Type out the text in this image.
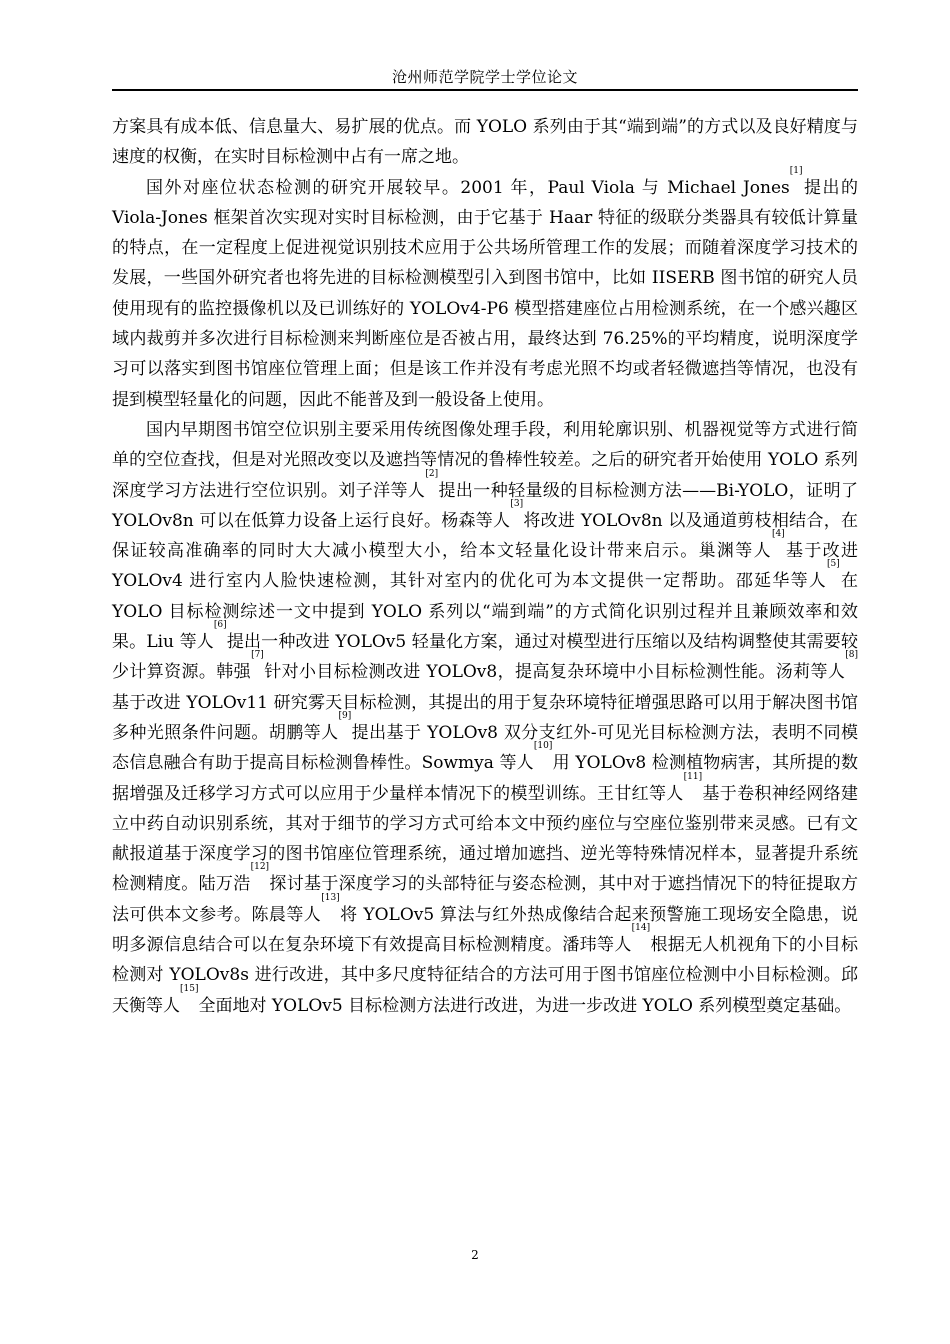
沧州师范学院学士学位论文

方案具有成本低、信息量大、易扩展的优点。而 YOLO 系列由于其“端到端”的方式以及良好精度与速度的权衡，在实时目标检测中占有一席之地。

国外对座位状态检测的研究开展较早。2001 年，Paul Viola 与 Michael Jones[1]提出的 Viola-Jones 框架首次实现对实时目标检测，由于它基于 Haar 特征的级联分类器具有较低计算量的特点，在一定程度上促进视觉识别技术应用于公共场所管理工作的发展；而随着深度学习技术的发展，一些国外研究者也将先进的目标检测模型引入到图书馆中，比如 IISERB 图书馆的研究人员使用现有的监控摄像机以及已训练好的 YOLOv4-P6 模型搭建座位占用检测系统，在一个感兴趣区域内裁剪并多次进行目标检测来判断座位是否被占用，最终达到 76.25%的平均精度，说明深度学习可以落实到图书馆座位管理上面；但是该工作并没有考虑光照不均或者轻微遮挡等情况，也没有提到模型轻量化的问题，因此不能普及到一般设备上使用。

国内早期图书馆空位识别主要采用传统图像处理手段，利用轮廓识别、机器视觉等方式进行简单的空位查找，但是对光照改变以及遮挡等情况的鲁棒性较差。之后的研究者开始使用 YOLO 系列深度学习方法进行空位识别。刘子洋等人[2]提出一种轻量级的目标检测方法——Bi-YOLO，证明了 YOLOv8n 可以在低算力设备上运行良好。杨森等人[3]将改进 YOLOv8n 以及通道剪枝相结合，在保证较高准确率的同时大大减小模型大小，给本文轻量化设计带来启示。巢渊等人[4]基于改进 YOLOv4 进行室内人脸快速检测，其针对室内的优化可为本文提供一定帮助。邵延华等人[5]在 YOLO 目标检测综述一文中提到 YOLO 系列以“端到端”的方式简化识别过程并且兼顾效率和效果。Liu 等人[6]提出一种改进 YOLOv5 轻量化方案，通过对模型进行压缩以及结构调整使其需要较少计算资源。韩强[7]针对小目标检测改进 YOLOv8，提高复杂环境中小目标检测性能。汤莉等人[8]基于改进 YOLOv11 研究雾天目标检测，其提出的用于复杂环境特征增强思路可以用于解决图书馆多种光照条件问题。胡鹏等人[9]提出基于 YOLOv8 双分支红外-可见光目标检测方法，表明不同模态信息融合有助于提高目标检测鲁棒性。Sowmya 等人[10]用 YOLOv8 检测植物病害，其所提的数据增强及迁移学习方式可以应用于少量样本情况下的模型训练。王甘红等人[11]基于卷积神经网络建立中药自动识别系统，其对于细节的学习方式可给本文中预约座位与空座位鉴别带来灵感。已有文献报道基于深度学习的图书馆座位管理系统，通过增加遮挡、逆光等特殊情况样本，显著提升系统检测精度。陆万浩[12]探讨基于深度学习的头部特征与姿态检测，其中对于遮挡情况下的特征提取方法可供本文参考。陈晨等人[13]将 YOLOv5 算法与红外热成像结合起来预警施工现场安全隐患，说明多源信息结合可以在复杂环境下有效提高目标检测精度。潘玮等人[14]根据无人机视角下的小目标检测对 YOLOv8s 进行改进，其中多尺度特征结合的方法可用于图书馆座位检测中小目标检测。邱天衡等人[15]全面地对 YOLOv5 目标检测方法进行改进，为进一步改进 YOLO 系列模型奠定基础。

2
